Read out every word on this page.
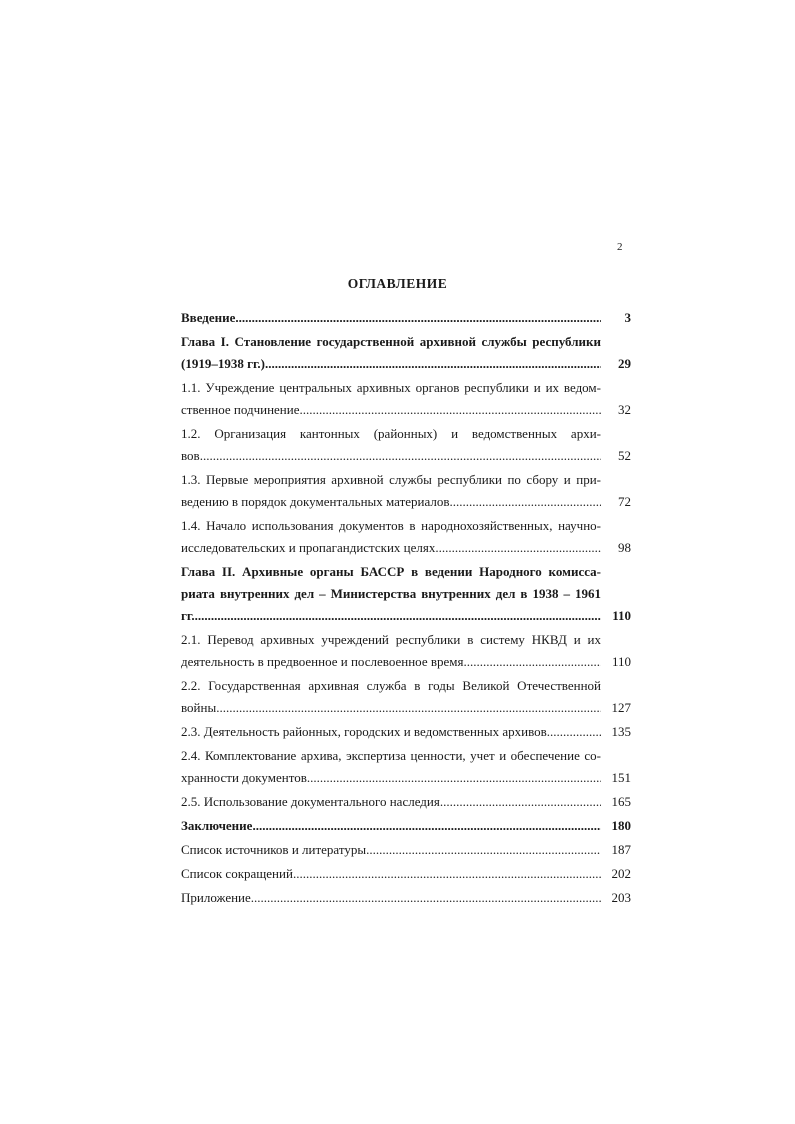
2
ОГЛАВЛЕНИЕ
Введение .....	3
Глава I. Становление государственной архивной службы республики
(1919–1938 гг.) .....	29
1.1. Учреждение центральных архивных органов республики и их ведом-
ственное подчинение .....	32
1.2. Организация кантонных (районных) и ведомственных архи-
вов .....	52
1.3. Первые мероприятия архивной службы республики по сбору и при-
ведению в порядок документальных материалов .....	72
1.4. Начало использования документов в народнохозяйственных, научно-
исследовательских и пропагандистских целях .....	98
Глава II. Архивные органы БАССР в ведении Народного комисса-
риата внутренних дел – Министерства внутренних дел в 1938 – 1961
гг. .....	110
2.1. Перевод архивных учреждений республики в систему НКВД и их
деятельность в предвоенное и послевоенное время .....	110
2.2. Государственная архивная служба в годы Великой Отечественной
войны .....	127
2.3. Деятельность районных, городских и ведомственных архивов .....	135
2.4. Комплектование архива, экспертиза ценности, учет и обеспечение со-
хранности документов .....	151
2.5. Использование документального наследия .....	165
Заключение .....	180
Список источников и литературы .....	187
Список сокращений .....	202
Приложение .....	203
